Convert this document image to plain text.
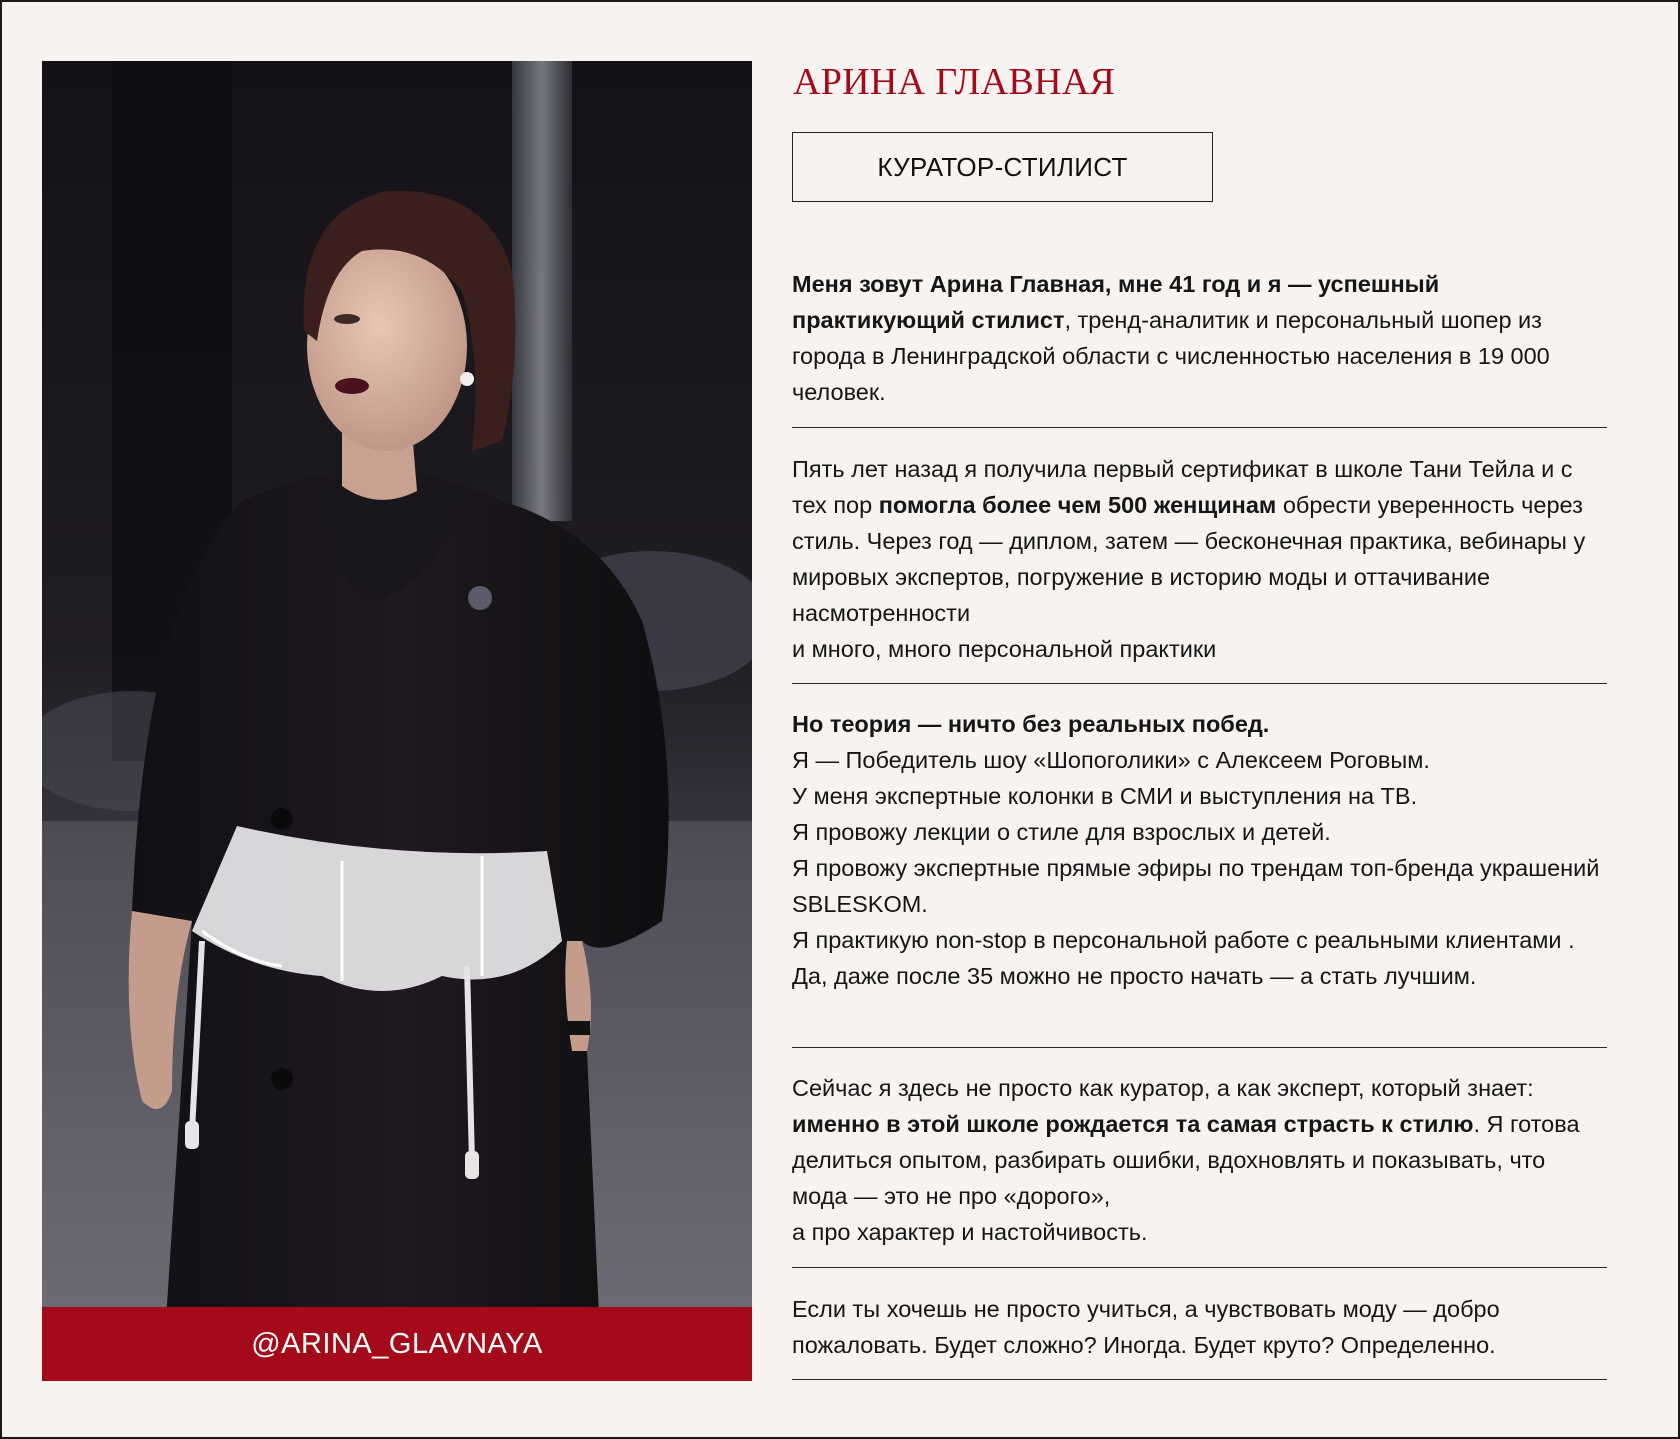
@ARINA_GLAVNAYA
АРИНА ГЛАВНАЯ
КУРАТОР-СТИЛИСТ

Меня зовут Арина Главная, мне 41 год и я — успешный практикующий стилист, тренд-аналитик и персональный шопер из города в Ленинградской области с численностью населения в 19 000 человек.

Пять лет назад я получила первый сертификат в школе Тани Тейла и с тех пор помогла более чем 500 женщинам обрести уверенность через стиль. Через год — диплом, затем — бесконечная практика, вебинары у мировых экспертов, погружение в историю моды и оттачивание насмотренности

и много, много персональной практики

Но теория — ничто без реальных побед.

Я — Победитель шоу «Шопоголики» с Алексеем Роговым.

У меня экспертные колонки в СМИ и выступления на ТВ.

Я провожу лекции о стиле для взрослых и детей.

Я провожу экспертные прямые эфиры по трендам топ-бренда украшений SBLESKOM.

Я практикую non-stop в персональной работе с реальными клиентами . Да, даже после 35 можно не просто начать — а стать лучшим.

Сейчас я здесь не просто как куратор, а как эксперт, который знает: именно в этой школе рождается та самая страсть к стилю. Я готова делиться опытом, разбирать ошибки, вдохновлять и показывать, что мода — это не про «дорого»,

а про характер и настойчивость.

Если ты хочешь не просто учиться, а чувствовать моду — добро пожаловать. Будет сложно? Иногда. Будет круто? Определенно.
